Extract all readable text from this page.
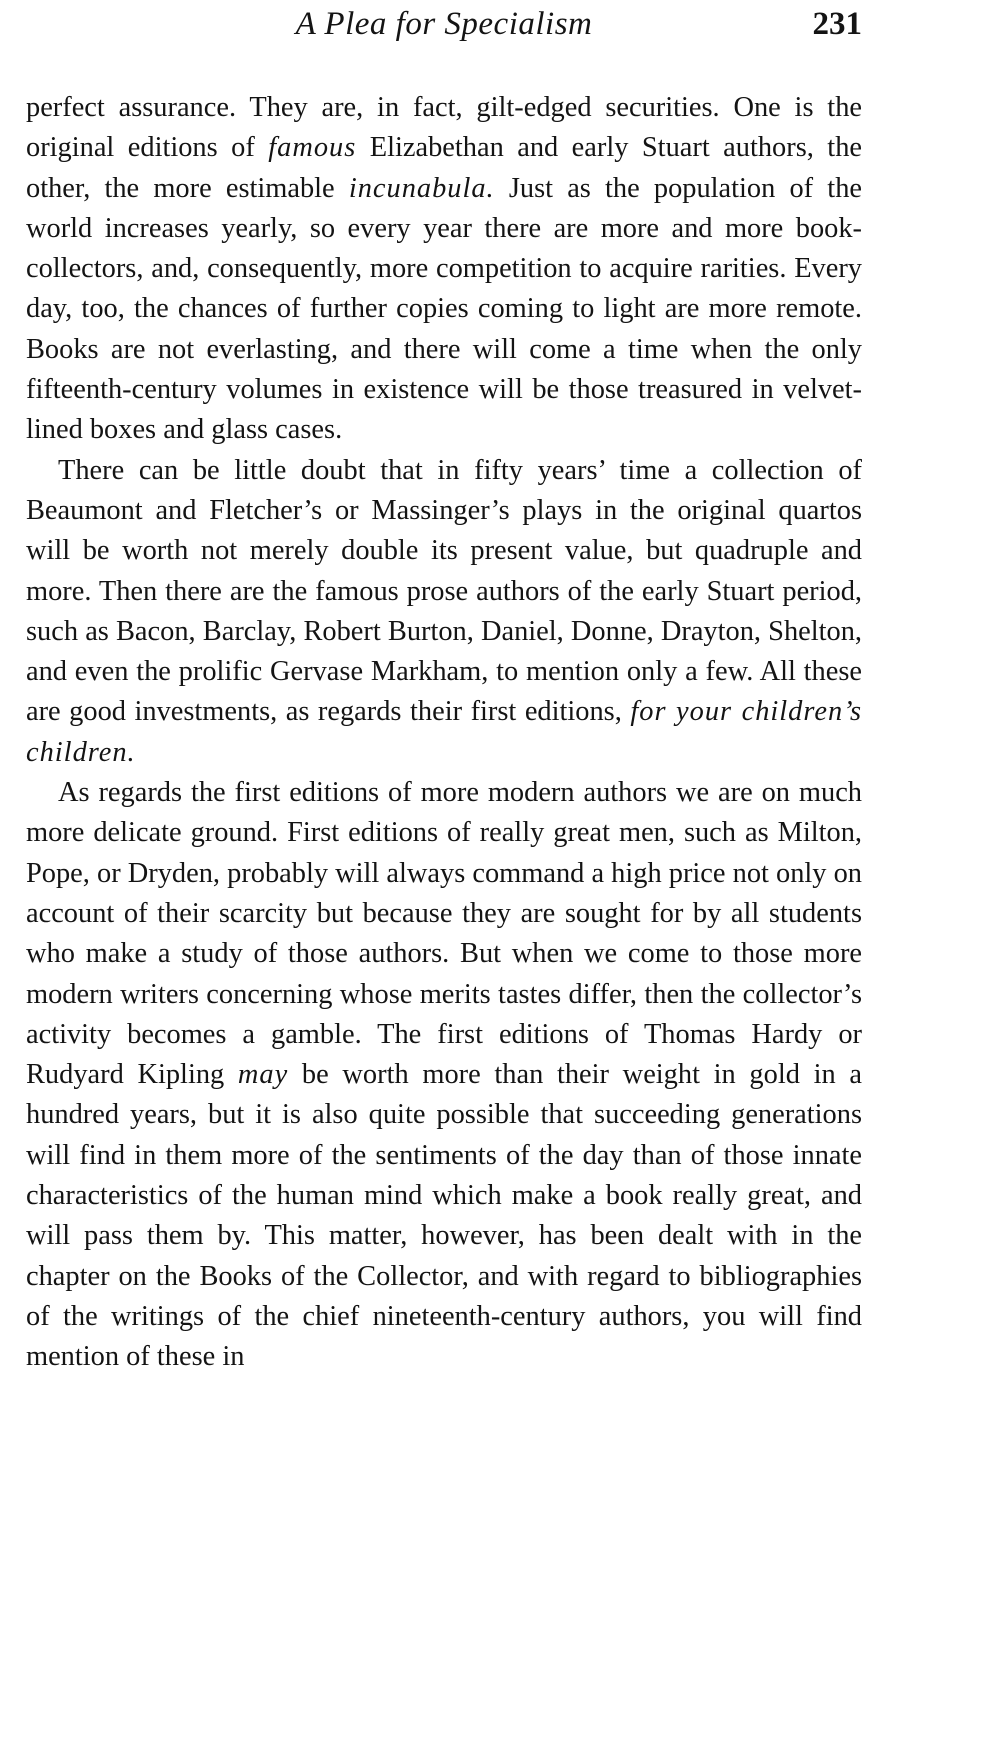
A Plea for Specialism	231

perfect assurance. They are, in fact, gilt-edged securities. One is the original editions of famous Elizabethan and early Stuart authors, the other, the more estimable incunabula. Just as the population of the world increases yearly, so every year there are more and more book-collectors, and, consequently, more competition to acquire rarities. Every day, too, the chances of further copies coming to light are more remote. Books are not everlasting, and there will come a time when the only fifteenth-century volumes in existence will be those treasured in velvet-lined boxes and glass cases.

There can be little doubt that in fifty years’ time a collection of Beaumont and Fletcher’s or Massinger’s plays in the original quartos will be worth not merely double its present value, but quadruple and more. Then there are the famous prose authors of the early Stuart period, such as Bacon, Barclay, Robert Burton, Daniel, Donne, Drayton, Shelton, and even the prolific Gervase Markham, to mention only a few. All these are good investments, as regards their first editions, for your children’s children.

As regards the first editions of more modern authors we are on much more delicate ground. First editions of really great men, such as Milton, Pope, or Dryden, probably will always command a high price not only on account of their scarcity but because they are sought for by all students who make a study of those authors. But when we come to those more modern writers concerning whose merits tastes differ, then the collector’s activity becomes a gamble. The first editions of Thomas Hardy or Rudyard Kipling may be worth more than their weight in gold in a hundred years, but it is also quite possible that succeeding generations will find in them more of the sentiments of the day than of those innate characteristics of the human mind which make a book really great, and will pass them by. This matter, however, has been dealt with in the chapter on the Books of the Collector, and with regard to bibliographies of the writings of the chief nineteenth-century authors, you will find mention of these in
